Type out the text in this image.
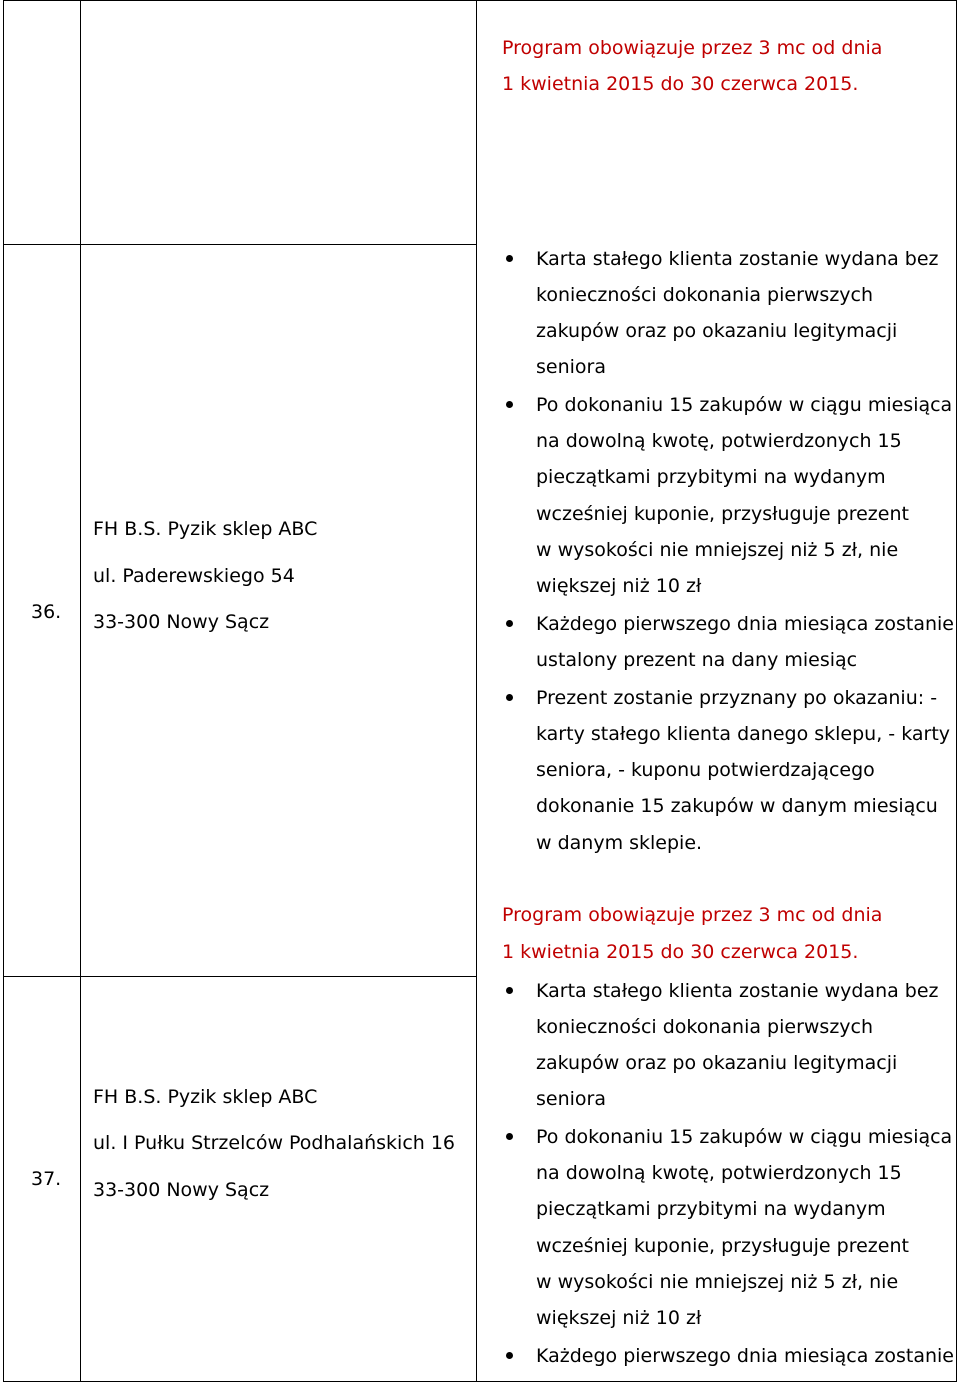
Program obowiązuje przez 3 mc od dnia
1 kwietnia 2015 do 30 czerwca 2015.
36.
FH B.S. Pyzik sklep ABC
ul. Paderewskiego 54
33-300 Nowy Sącz
Karta stałego klienta zostanie wydana bez
konieczności dokonania pierwszych
zakupów oraz po okazaniu legitymacji
seniora
Po dokonaniu 15 zakupów w ciągu miesiąca
na dowolną kwotę, potwierdzonych 15
pieczątkami przybitymi na wydanym
wcześniej kuponie, przysługuje prezent
w wysokości nie mniejszej niż 5 zł, nie
większej niż 10 zł
Każdego pierwszego dnia miesiąca zostanie
ustalony prezent na dany miesiąc
Prezent zostanie przyznany po okazaniu: -
karty stałego klienta danego sklepu, - karty
seniora, - kuponu potwierdzającego
dokonanie 15 zakupów w danym miesiącu
w danym sklepie.
Program obowiązuje przez 3 mc od dnia
1 kwietnia 2015 do 30 czerwca 2015.
37.
FH B.S. Pyzik sklep ABC
ul. I Pułku Strzelców Podhalańskich 16
33-300 Nowy Sącz
Karta stałego klienta zostanie wydana bez
konieczności dokonania pierwszych
zakupów oraz po okazaniu legitymacji
seniora
Po dokonaniu 15 zakupów w ciągu miesiąca
na dowolną kwotę, potwierdzonych 15
pieczątkami przybitymi na wydanym
wcześniej kuponie, przysługuje prezent
w wysokości nie mniejszej niż 5 zł, nie
większej niż 10 zł
Każdego pierwszego dnia miesiąca zostanie
